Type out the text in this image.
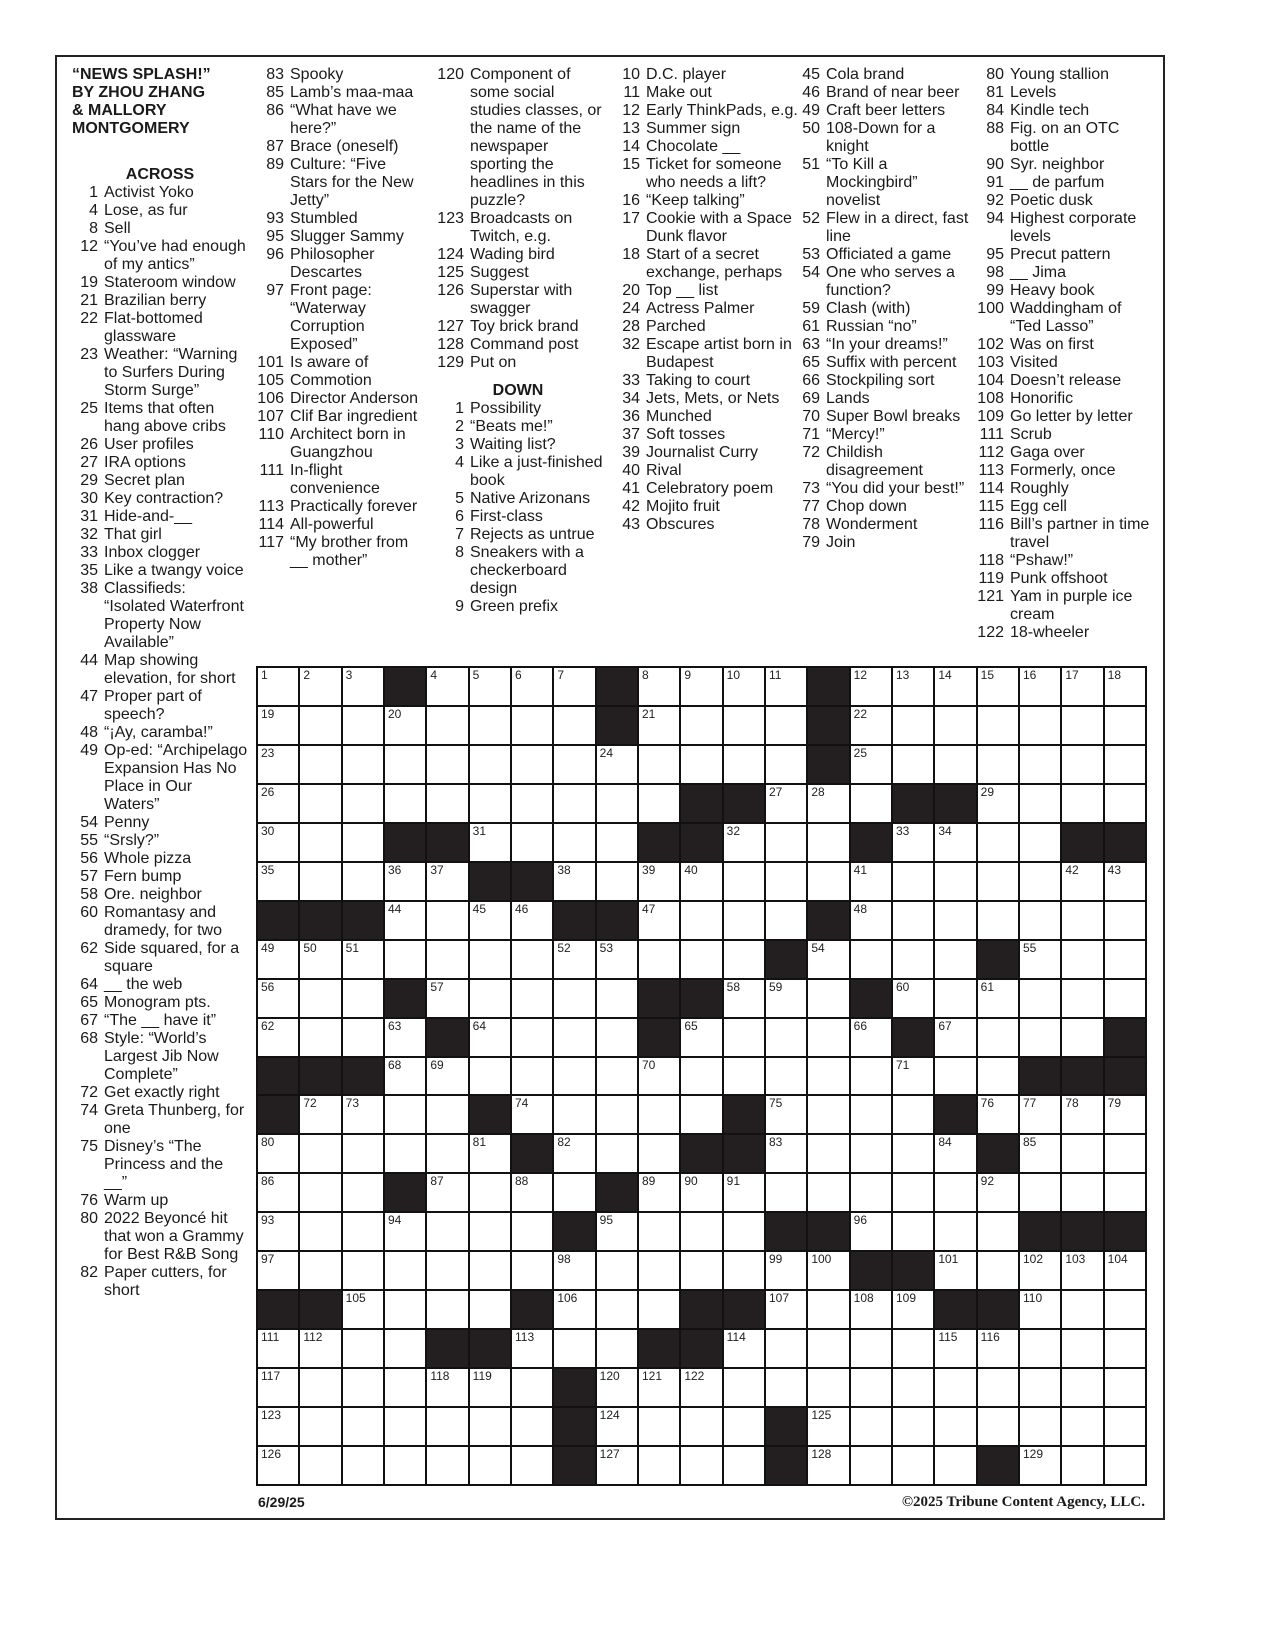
“NEWS SPLASH!”
BY ZHOU ZHANG
& MALLORY
MONTGOMERY
ACROSS
1 Activist Yoko
4 Lose, as fur
8 Sell
12 “You’ve had enough of my antics”
19 Stateroom window
21 Brazilian berry
22 Flat-bottomed glassware
23 Weather: “Warning to Surfers During Storm Surge”
25 Items that often hang above cribs
26 User profiles
27 IRA options
29 Secret plan
30 Key contraction?
31 Hide-and-__
32 That girl
33 Inbox clogger
35 Like a twangy voice
38 Classifieds: “Isolated Waterfront Property Now Available”
44 Map showing elevation, for short
47 Proper part of speech?
48 “¡Ay, caramba!”
49 Op-ed: “Archipelago Expansion Has No Place in Our Waters”
54 Penny
55 “Srsly?”
56 Whole pizza
57 Fern bump
58 Ore. neighbor
60 Romantasy and dramedy, for two
62 Side squared, for a square
64 __ the web
65 Monogram pts.
67 “The __ have it”
68 Style: “World’s Largest Jib Now Complete”
72 Get exactly right
74 Greta Thunberg, for one
75 Disney’s “The Princess and the __”
76 Warm up
80 2022 Beyoncé hit that won a Grammy for Best R&B Song
82 Paper cutters, for short
83 Spooky
85 Lamb’s maa-maa
86 “What have we here?”
87 Brace (oneself)
89 Culture: “Five Stars for the New Jetty”
93 Stumbled
95 Slugger Sammy
96 Philosopher Descartes
97 Front page: “Waterway Corruption Exposed”
101 Is aware of
105 Commotion
106 Director Anderson
107 Clif Bar ingredient
110 Architect born in Guangzhou
111 In-flight convenience
113 Practically forever
114 All-powerful
117 “My brother from __ mother”
120 Component of some social studies classes, or the name of the newspaper sporting the headlines in this puzzle?
123 Broadcasts on Twitch, e.g.
124 Wading bird
125 Suggest
126 Superstar with swagger
127 Toy brick brand
128 Command post
129 Put on
DOWN
1 Possibility
2 “Beats me!”
3 Waiting list?
4 Like a just-finished book
5 Native Arizonans
6 First-class
7 Rejects as untrue
8 Sneakers with a checkerboard design
9 Green prefix
10 D.C. player
11 Make out
12 Early ThinkPads, e.g.
13 Summer sign
14 Chocolate __
15 Ticket for someone who needs a lift?
16 “Keep talking”
17 Cookie with a Space Dunk flavor
18 Start of a secret exchange, perhaps
20 Top __ list
24 Actress Palmer
28 Parched
32 Escape artist born in Budapest
33 Taking to court
34 Jets, Mets, or Nets
36 Munched
37 Soft tosses
39 Journalist Curry
40 Rival
41 Celebratory poem
42 Mojito fruit
43 Obscures
45 Cola brand
46 Brand of near beer
49 Craft beer letters
50 108-Down for a knight
51 “To Kill a Mockingbird” novelist
52 Flew in a direct, fast line
53 Officiated a game
54 One who serves a function?
59 Clash (with)
61 Russian “no”
63 “In your dreams!”
65 Suffix with percent
66 Stockpiling sort
69 Lands
70 Super Bowl breaks
71 “Mercy!”
72 Childish disagreement
73 “You did your best!”
77 Chop down
78 Wonderment
79 Join
80 Young stallion
81 Levels
84 Kindle tech
88 Fig. on an OTC bottle
90 Syr. neighbor
91 __ de parfum
92 Poetic dusk
94 Highest corporate levels
95 Precut pattern
98 __ Jima
99 Heavy book
100 Waddingham of “Ted Lasso”
102 Was on first
103 Visited
104 Doesn’t release
108 Honorific
109 Go letter by letter
111 Scrub
112 Gaga over
113 Formerly, once
114 Roughly
115 Egg cell
116 Bill’s partner in time travel
118 “Pshaw!”
119 Punk offshoot
121 Yam in purple ice cream
122 18-wheeler
1	2	3	4	5	6	7	8	9	10 11	12 13 14 15 16 17 18
19	20	21	22
23	24	25
26	27 28	29
30	31	32	33 34
35	36 37	38	39 40	41	42 43
44	45 46	47	48
49 50 51	52 53	54	55
56	57	58 59	60	61
62	63	64	65	66	67
68 69	70	71
72 73	74	75	76 77 78 79
80	81	82	83	84	85
86	87	88	89 90 91	92
93	94	95	96
97	98	99 100	101	102 103 104
105	106	107	108 109	110
111 112	113	114	115 116
117	118 119	120 121 122
123	124	125
126	127	128	129
6/29/25	©2025 Tribune Content Agency, LLC.
